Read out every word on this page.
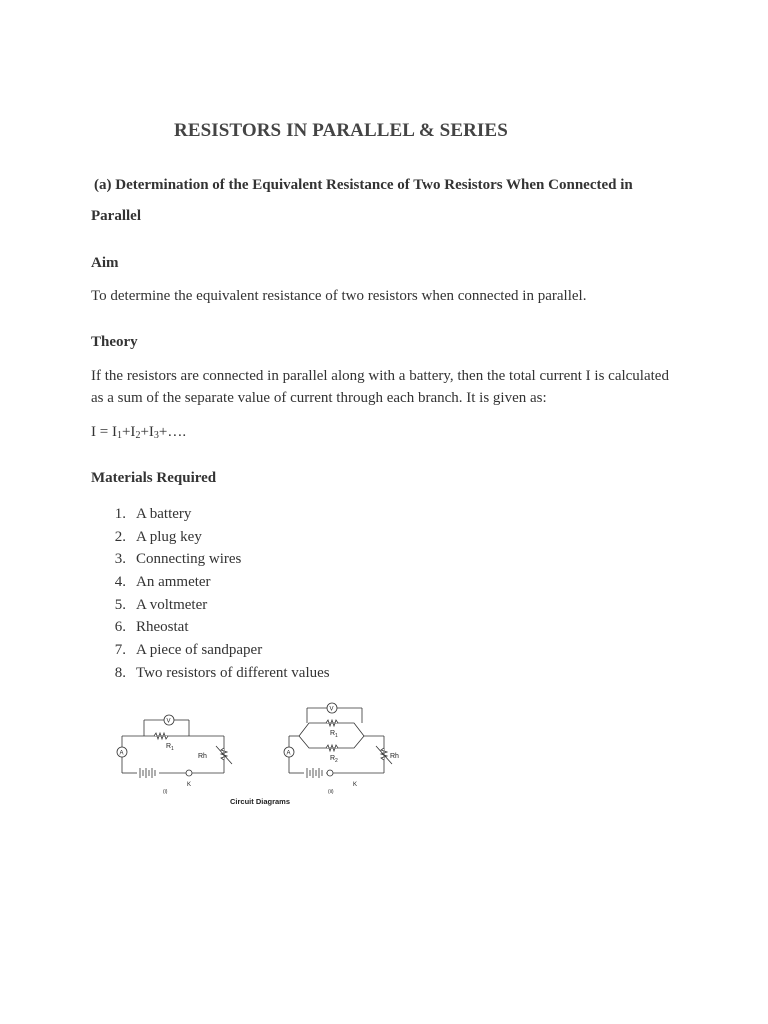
RESISTORS IN PARALLEL & SERIES

(a) Determination of the Equivalent Resistance of Two Resistors When Connected in

Parallel

Aim

To determine the equivalent resistance of two resistors when connected in parallel.

Theory

If the resistors are connected in parallel along with a battery, then the total current I is calculated

as a sum of the separate value of current through each branch. It is given as:

$I = I_1+I_2+I_3+\dots$.

Materials Required

1. A battery
2. A plug key
3. Connecting wires
4. An ammeter
5. A voltmeter
6. Rheostat
7. A piece of sandpaper
8. Two resistors of different values
V
A
R 1
Rh
K
(i)
V
A
R 1
R 2
Rh
K
(ii)
Circuit Diagrams
